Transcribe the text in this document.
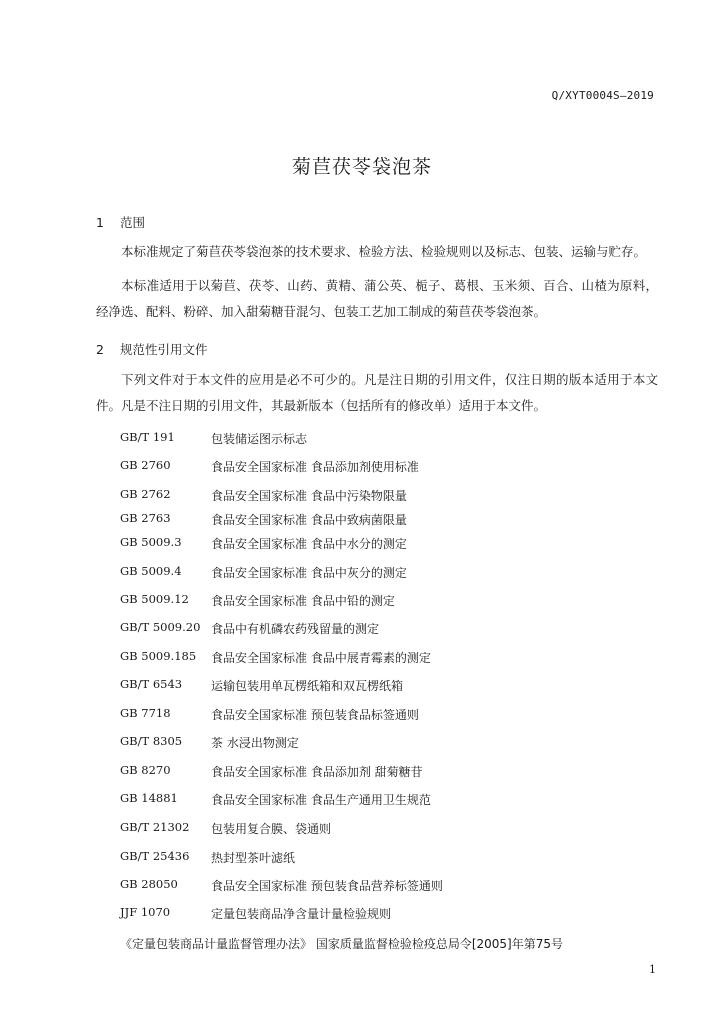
Q/XYT0004S—2019
菊苣茯苓袋泡茶
1 范围
本标准规定了菊苣茯苓袋泡茶的技术要求、检验方法、检验规则以及标志、包装、运输与贮存。
本标准适用于以菊苣、茯苓、山药、黄精、蒲公英、栀子、葛根、玉米须、百合、山楂为原料，经净选、配料、粉碎、加入甜菊糖苷混匀、包装工艺加工制成的菊苣茯苓袋泡茶。
2 规范性引用文件
下列文件对于本文件的应用是必不可少的。凡是注日期的引用文件，仅注日期的版本适用于本文件。凡是不注日期的引用文件，其最新版本（包括所有的修改单）适用于本文件。
GB/T 191	包装储运图示标志
GB 2760	食品安全国家标准 食品添加剂使用标准
GB 2762	食品安全国家标准 食品中污染物限量
GB 2763	食品安全国家标准 食品中致病菌限量
GB 5009.3	食品安全国家标准 食品中水分的测定
GB 5009.4	食品安全国家标准 食品中灰分的测定
GB 5009.12	食品安全国家标准 食品中铅的测定
GB/T 5009.20 食品中有机磷农药残留量的测定
GB 5009.185	食品安全国家标准 食品中展青霉素的测定
GB/T 6543	运输包装用单瓦楞纸箱和双瓦楞纸箱
GB 7718	食品安全国家标准 预包装食品标签通则
GB/T 8305	茶 水浸出物测定
GB 8270	食品安全国家标准 食品添加剂 甜菊糖苷
GB 14881	食品安全国家标准 食品生产通用卫生规范
GB/T 21302	包装用复合膜、袋通则
GB/T 25436	热封型茶叶滤纸
GB 28050	食品安全国家标准 预包装食品营养标签通则
JJF 1070	定量包装商品净含量计量检验规则
《定量包装商品计量监督管理办法》 国家质量监督检验检疫总局令[2005]年第75号
1
